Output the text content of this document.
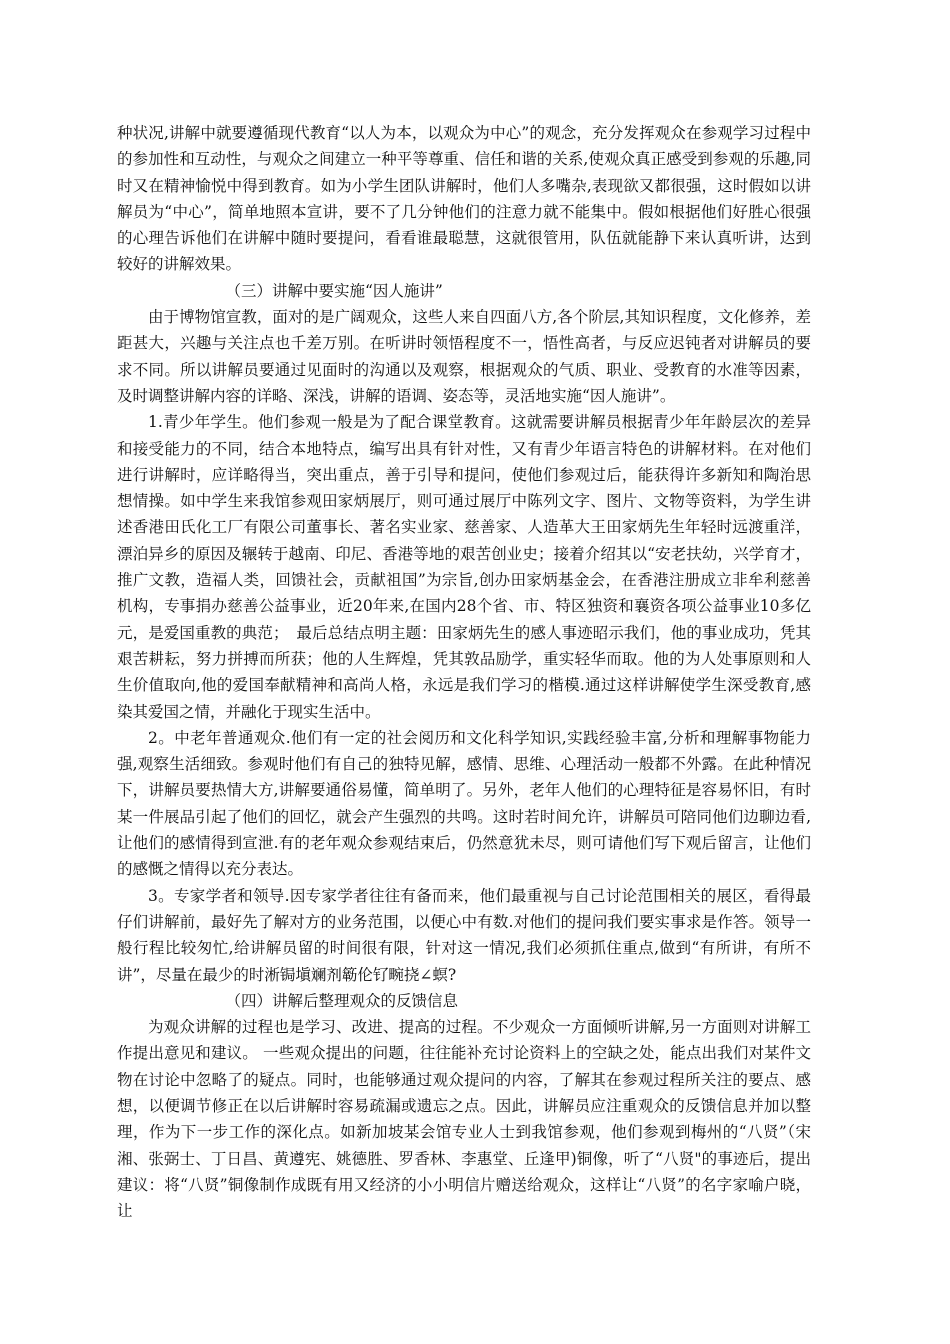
种状况,讲解中就要遵循现代教育“以人为本，以观众为中心”的观念，充分发挥观众在参观学习过程中的参加性和互动性，与观众之间建立一种平等尊重、信任和谐的关系,使观众真正感受到参观的乐趣,同时又在精神愉悦中得到教育。如为小学生团队讲解时，他们人多嘴杂,表现欲又都很强，这时假如以讲解员为“中心”，简单地照本宣讲，要不了几分钟他们的注意力就不能集中。假如根据他们好胜心很强的心理告诉他们在讲解中随时要提问，看看谁最聪慧，这就很管用，队伍就能静下来认真听讲，达到较好的讲解效果。

（三）讲解中要实施“因人施讲”

由于博物馆宣教，面对的是广阔观众，这些人来自四面八方,各个阶层,其知识程度，文化修养，差距甚大，兴趣与关注点也千差万别。在听讲时领悟程度不一，悟性高者，与反应迟钝者对讲解员的要求不同。所以讲解员要通过见面时的沟通以及观察，根据观众的气质、职业、受教育的水准等因素，及时调整讲解内容的详略、深浅，讲解的语调、姿态等，灵活地实施“因人施讲”。

1.青少年学生。他们参观一般是为了配合课堂教育。这就需要讲解员根据青少年年龄层次的差异和接受能力的不同，结合本地特点，编写出具有针对性，又有青少年语言特色的讲解材料。在对他们进行讲解时，应详略得当，突出重点，善于引导和提问，使他们参观过后，能获得许多新知和陶治思想情操。如中学生来我馆参观田家炳展厅，则可通过展厅中陈列文字、图片、文物等资料，为学生讲述香港田氏化工厂有限公司董事长、著名实业家、慈善家、人造革大王田家炳先生年轻时远渡重洋，漂泊异乡的原因及辗转于越南、印尼、香港等地的艰苦创业史；接着介绍其以“安老扶幼，兴学育才，推广文教，造福人类，回馈社会，贡献祖国”为宗旨,创办田家炳基金会，在香港注册成立非牟利慈善机构，专事捐办慈善公益事业，近20年来,在国内28个省、市、特区独资和襄资各项公益事业10多亿元，是爱国重教的典范；　最后总结点明主题：田家炳先生的感人事迹昭示我们，他的事业成功，凭其艰苦耕耘，努力拼搏而所获；他的人生辉煌，凭其敦品励学，重实轻华而取。他的为人处事原则和人生价值取向,他的爱国奉献精神和高尚人格，永远是我们学习的楷模.通过这样讲解使学生深受教育,感染其爱国之情，并融化于现实生活中。

2。中老年普通观众.他们有一定的社会阅历和文化科学知识,实践经验丰富,分析和理解事物能力强,观察生活细致。参观时他们有自己的独特见解，感情、思维、心理活动一般都不外露。在此种情况下，讲解员要热情大方,讲解要通俗易懂，简单明了。另外，老年人他们的心理特征是容易怀旧，有时某一件展品引起了他们的回忆，就会产生强烈的共鸣。这时若时间允许，讲解员可陪同他们边聊边看,让他们的感情得到宣泄.有的老年观众参观结束后，仍然意犹未尽，则可请他们写下观后留言，让他们的感慨之情得以充分表达。

3。专家学者和领导.因专家学者往往有备而来，他们最重视与自己讨论范围相关的展区，看得最仔们讲解前，最好先了解对方的业务范围，以便心中有数.对他们的提问我们要实事求是作答。领导一般行程比较匆忙,给讲解员留的时间很有限，针对这一情况,我们必须抓住重点,做到“有所讲，有所不讲”，尽量在最少的时淅锔塡斓剂簕伦钌畹挠∠螟?

（四）讲解后整理观众的反馈信息

为观众讲解的过程也是学习、改进、提高的过程。不少观众一方面倾听讲解,另一方面则对讲解工作提出意见和建议。 一些观众提出的问题，往往能补充讨论资料上的空缺之处，能点出我们对某件文物在讨论中忽略了的疑点。同时，也能够通过观众提问的内容，了解其在参观过程所关注的要点、感想，以便调节修正在以后讲解时容易疏漏或遗忘之点。因此，讲解员应注重观众的反馈信息并加以整理，作为下一步工作的深化点。如新加坡某会馆专业人士到我馆参观，他们参观到梅州的“八贤”（宋湘、张弼士、丁日昌、黄遵宪、姚德胜、罗香林、李惠堂、丘逢甲)铜像，听了“八贤"的事迹后，提出建议：将“八贤”铜像制作成既有用又经济的小小明信片赠送给观众，这样让“八贤”的名字家喻户晓，让
